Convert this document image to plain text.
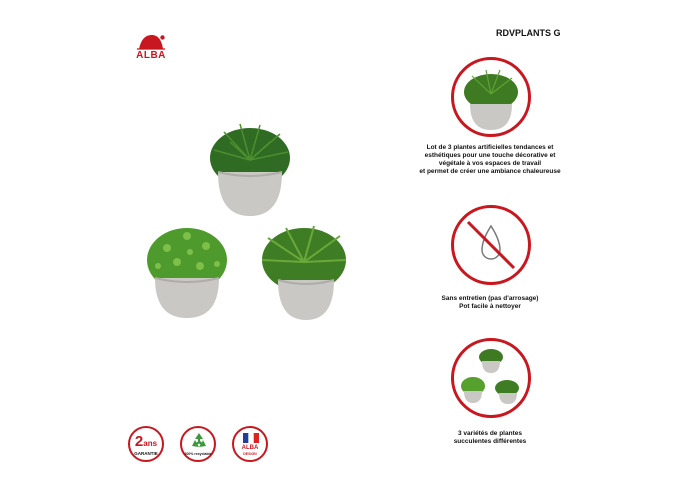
ALBA
RDVPLANTS G
Lot de 3 plantes artificielles tendances et
esthétiques pour une touche décorative et
végétale à vos espaces de travail
et permet de créer une ambiance chaleureuse
Sans entretien (pas d'arrosage)
Pot facile à nettoyer
3 variétés de plantes
succulentes différentes
2ans
GARANTIE	100% recyclable
ALBA
DESIGN
